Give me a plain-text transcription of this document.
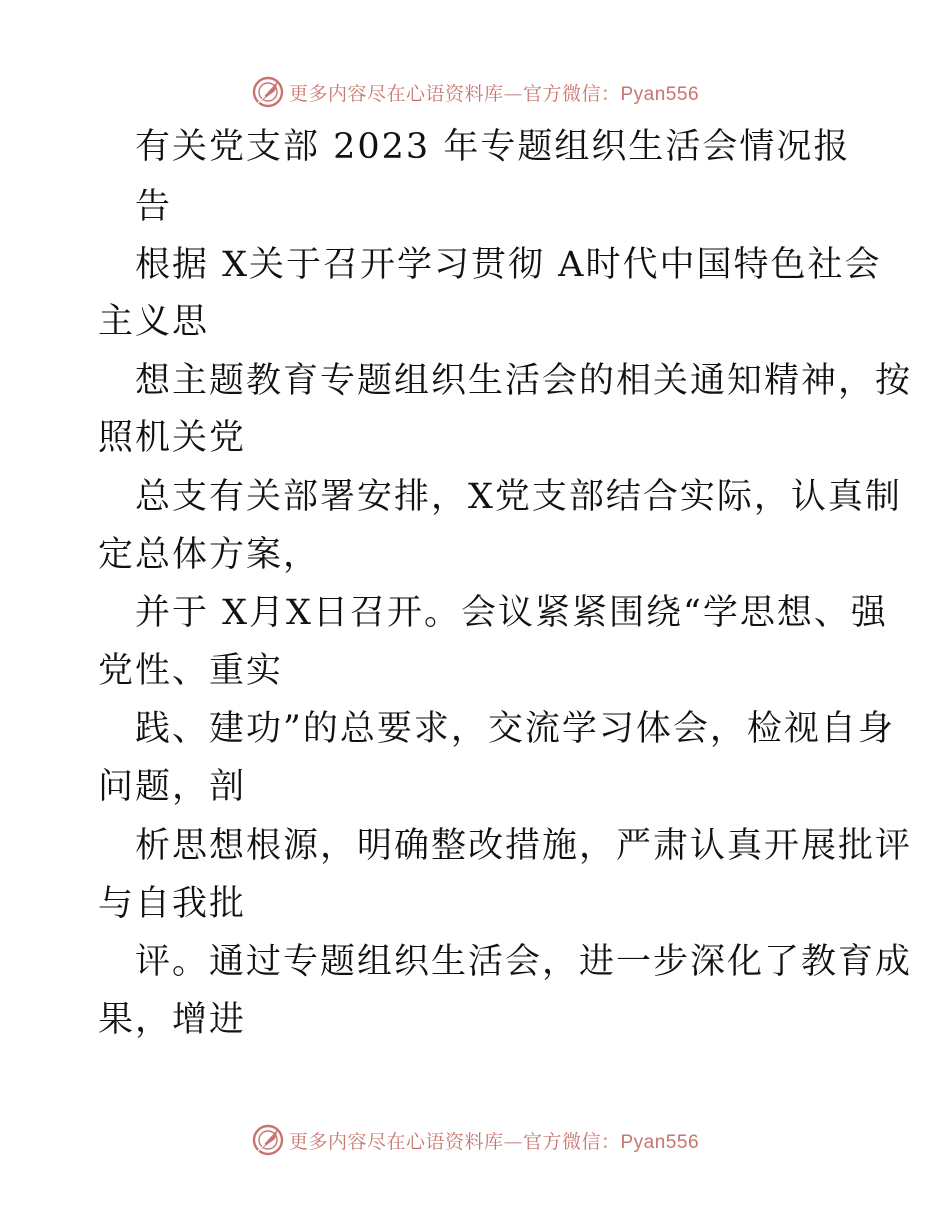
更多内容尽在心语资料库—官方微信：Pyan556
有关党支部 2023 年专题组织生活会情况报
告
根据 X关于召开学习贯彻 A时代中国特色社会
主义思
想主题教育专题组织生活会的相关通知精神，按
照机关党
总支有关部署安排，X党支部结合实际，认真制
定总体方案，
并于 X月X日召开。会议紧紧围绕“学思想、强
党性、重实
践、建功”的总要求，交流学习体会，检视自身
问题，剖
析思想根源，明确整改措施，严肃认真开展批评
与自我批
评。通过专题组织生活会，进一步深化了教育成
果，增进
更多内容尽在心语资料库—官方微信：Pyan556
